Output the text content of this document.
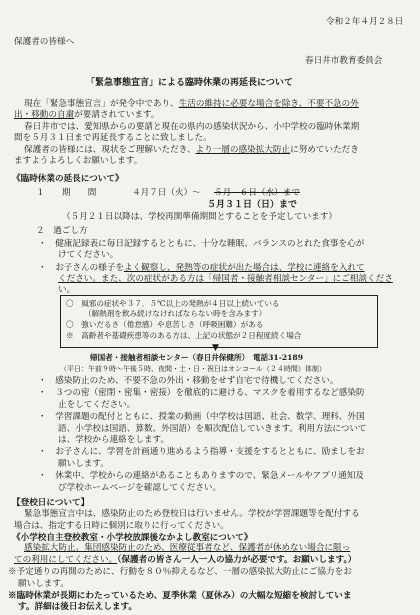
令和２年４月２８日
保護者の皆様へ
春日井市教育委員会
「緊急事態宣言」による臨時休業の再延長について
現在「緊急事態宣言」が発令中であり、生活の維持に必要な場合を除き、不要不急の外
出・移動の自粛が要請されています。
春日井市では、愛知県からの要請と現在の県内の感染状況から、小中学校の臨時休業期
間を５月３１日まで再延長することに致しました。
保護者の皆様には、現状をご理解いただき、より一層の感染拡大防止に努めていただき
ますようよろしくお願いします。
《臨時休業の延長について》
１ 期　　間	４月７日（火） ～ ５月　６日（水）まで
５月３１日（日）まで
（５月２１日以降は、学校再開準備期間とすることを予定しています）
２　過ごし方
・　健康記録表に毎日記録するとともに、十分な睡眠、バランスのとれた食事を心が
けてください。
・　お子さんの様子をよく観察し、発熱等の症状が出た場合は、学校に連絡を入れて
ください。また、次の症状がある方は「帰国者・接触者相談センター」にご相談くださ
い。
〇　風邪の症状や３７．５℃以上の発熱が４日以上続いている
（解熱剤を飲み続けなければならない時を含みます）
〇　強いだるさ（倦怠感）や息苦しさ（呼吸困難）がある
※　高齢者や基礎疾患等のある方は、上記の状態が２日程度続く場合
▼
帰国者・接触者相談センター（春日井保健所）　電話31-2189
（平日：午前９時～午後５時、夜間・土・日・祝日はオンコール（２４時間）体制）
・　感染防止のため、不要不急の外出・移動をせず自宅で待機してください。
・　３つの密（密閉・密集・密接）を徹底的に避ける、マスクを着用するなど感染防
止をしてください。
・　学習課題の配付とともに、授業の動画（中学校は国語、社会、数学、理科、外国
語、小学校は国語、算数、外国語）を順次配信していきます。利用方法について
は、学校から連絡をします。
・　お子さんに、学習を計画通り進めるよう指導・支援をするとともに、励ましをお
願いします。
・　休業中、学校からの連絡があることもありますので、緊急メールやアプリ通知及
び学校ホームページを確認してください。
【登校日について】
緊急事態宣言中は、感染防止のため登校日は行いません。学校が学習課題等を配付する
場合は、指定する日時に個別に取りに行ってください。
《小学校自主登校教室・小学校放課後なかよし教室について》
感染拡大防止、集団感染防止のため、医療従事者など、保護者が休めない場合に限っ
ての利用にしてください。（保護者の皆さん一人一人の協力が必要です。お願いします。）
※予定通りの再開のために、行動を８０％抑えるなど、一層の感染拡大防止にご協力をお
願いします。
※臨時休業が長期にわたっているため、夏季休業（夏休み）の大幅な短縮を検討していま
す。詳細は後日お伝えします。
